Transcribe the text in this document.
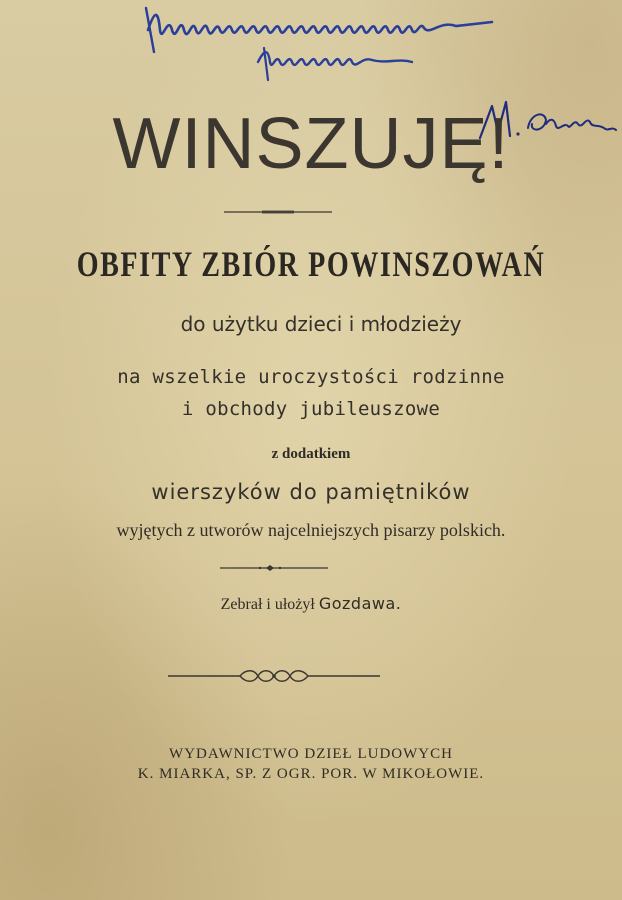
WINSZUJĘ!
OBFITY ZBIÓR POWINSZOWAŃ
do użytku dzieci i młodzieży
na wszelkie uroczystości rodzinne
i obchody jubileuszowe
z dodatkiem
wierszyków do pamiętników
wyjętych z utworów najcelniejszych pisarzy polskich.
Zebrał i ułożył Gozdawa.
WYDAWNICTWO DZIEŁ LUDOWYCH
K. MIARKA, SP. Z OGR. POR. W MIKOŁOWIE.
